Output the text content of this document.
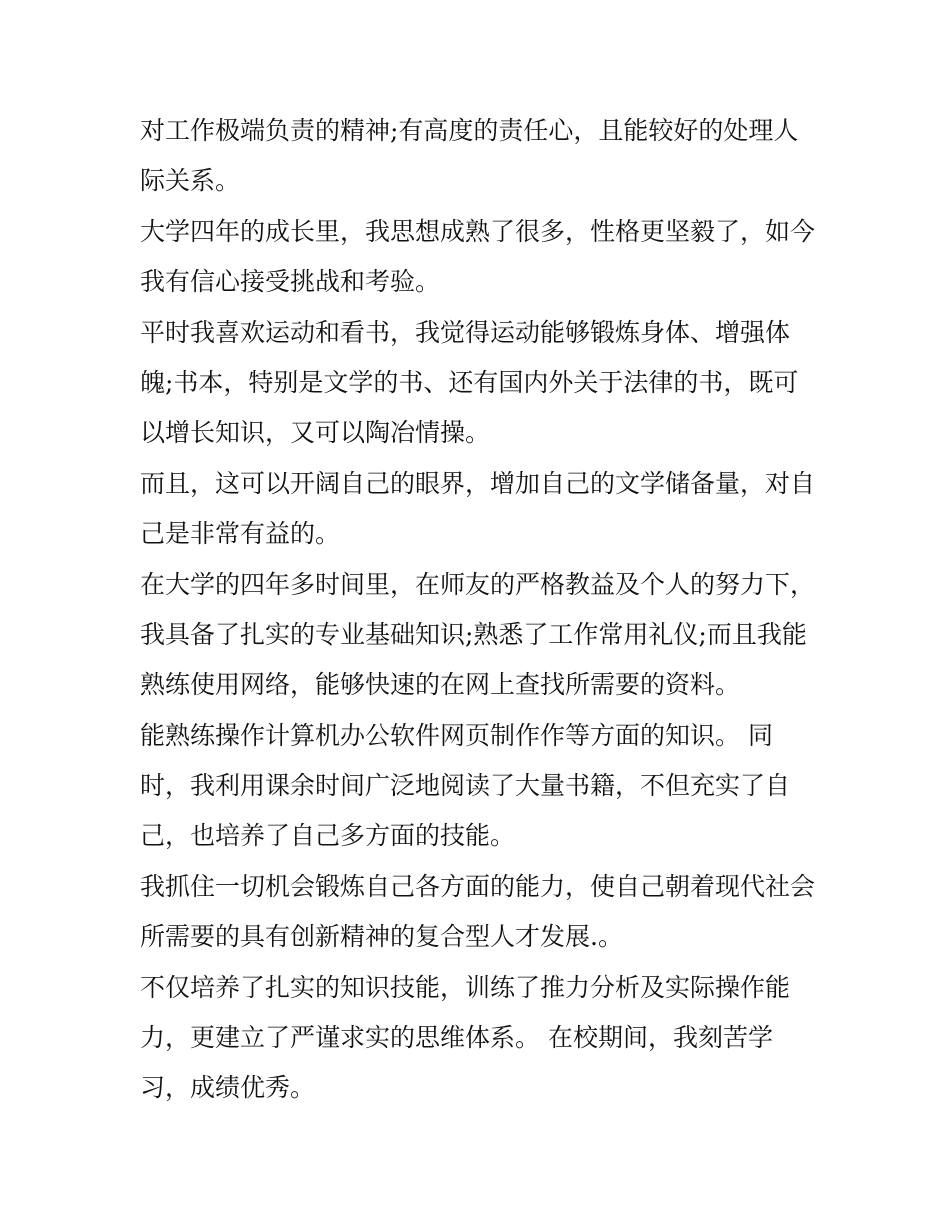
对工作极端负责的精神;有高度的责任心，且能较好的处理人
际关系。
大学四年的成长里，我思想成熟了很多，性格更坚毅了，如今
我有信心接受挑战和考验。
平时我喜欢运动和看书，我觉得运动能够锻炼身体、增强体
魄;书本，特别是文学的书、还有国内外关于法律的书，既可
以增长知识，又可以陶冶情操。
而且，这可以开阔自己的眼界，增加自己的文学储备量，对自
己是非常有益的。
在大学的四年多时间里，在师友的严格教益及个人的努力下，
我具备了扎实的专业基础知识;熟悉了工作常用礼仪;而且我能
熟练使用网络，能够快速的在网上查找所需要的资料。
能熟练操作计算机办公软件网页制作作等方面的知识。 同
时，我利用课余时间广泛地阅读了大量书籍，不但充实了自
己，也培养了自己多方面的技能。
我抓住一切机会锻炼自己各方面的能力，使自己朝着现代社会
所需要的具有创新精神的复合型人才发展.。
不仅培养了扎实的知识技能，训练了推力分析及实际操作能
力，更建立了严谨求实的思维体系。 在校期间，我刻苦学
习，成绩优秀。
